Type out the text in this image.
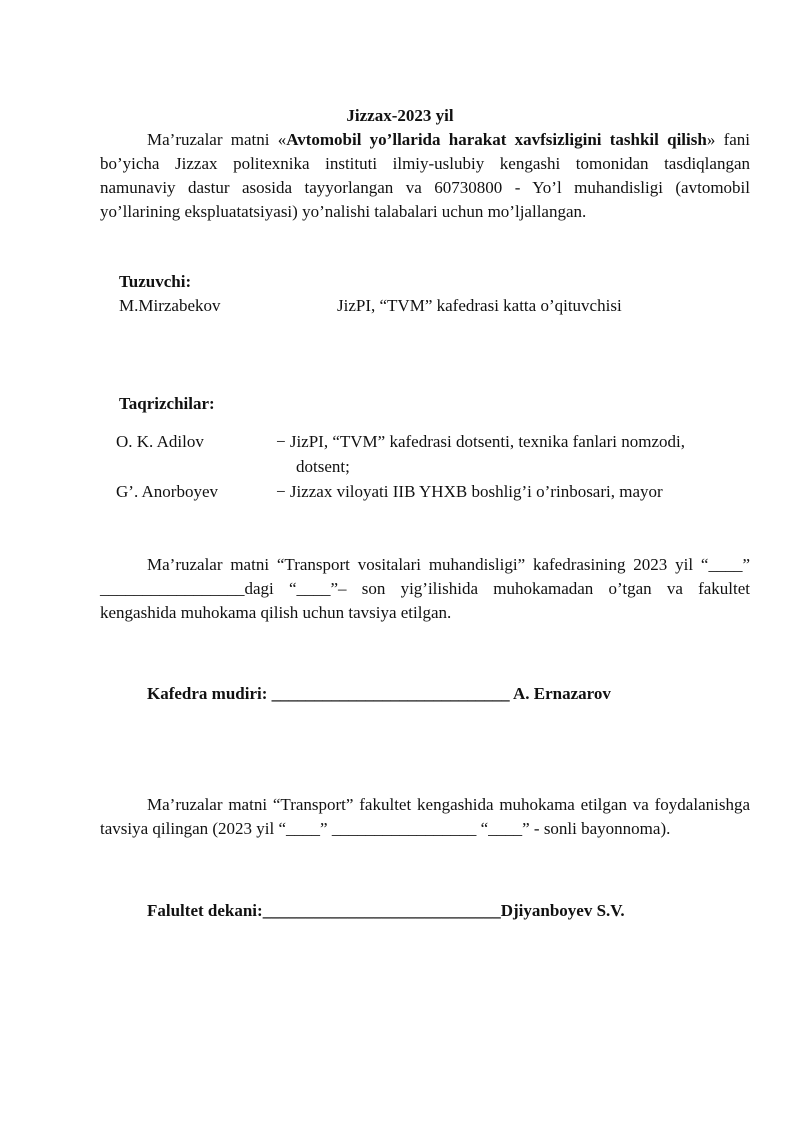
Jizzax-2023 yil
Ma’ruzalar matni «Avtomobil yo’llarida harakat xavfsizligini tashkil qilish» fani bo’yicha Jizzax politexnika instituti ilmiy-uslubiy kengashi tomonidan tasdiqlangan namunaviy dastur asosida tayyorlangan va 60730800 - Yo’l muhandisligi (avtomobil yo’llarining ekspluatatsiyasi) yo’nalishi talabalari uchun mo’ljallangan.
Tuzuvchi:
M.Mirzabekov	JizPI, “TVM” kafedrasi katta o’qituvchisi
Taqrizchilar:
O. K. Adilov	− JizPI, “TVM” kafedrasi dotsenti, texnika fanlari nomzodi,
dotsent;
G’. Anorboyev	− Jizzax viloyati IIB YHXB boshlig’i o’rinbosari, mayor
Ma’ruzalar matni “Transport vositalari muhandisligi” kafedrasining 2023 yil “____” _________________dagi “____”– son yig’ilishida muhokamadan o’tgan va fakultet kengashida muhokama qilish uchun tavsiya etilgan.
Kafedra mudiri: ____________________________ A. Ernazarov
Ma’ruzalar matni “Transport” fakultet kengashida muhokama etilgan va foydalanishga tavsiya qilingan (2023 yil “____” _________________ “____” - sonli bayonnoma).
Falultet dekani:____________________________Djiyanboyev S.V.
